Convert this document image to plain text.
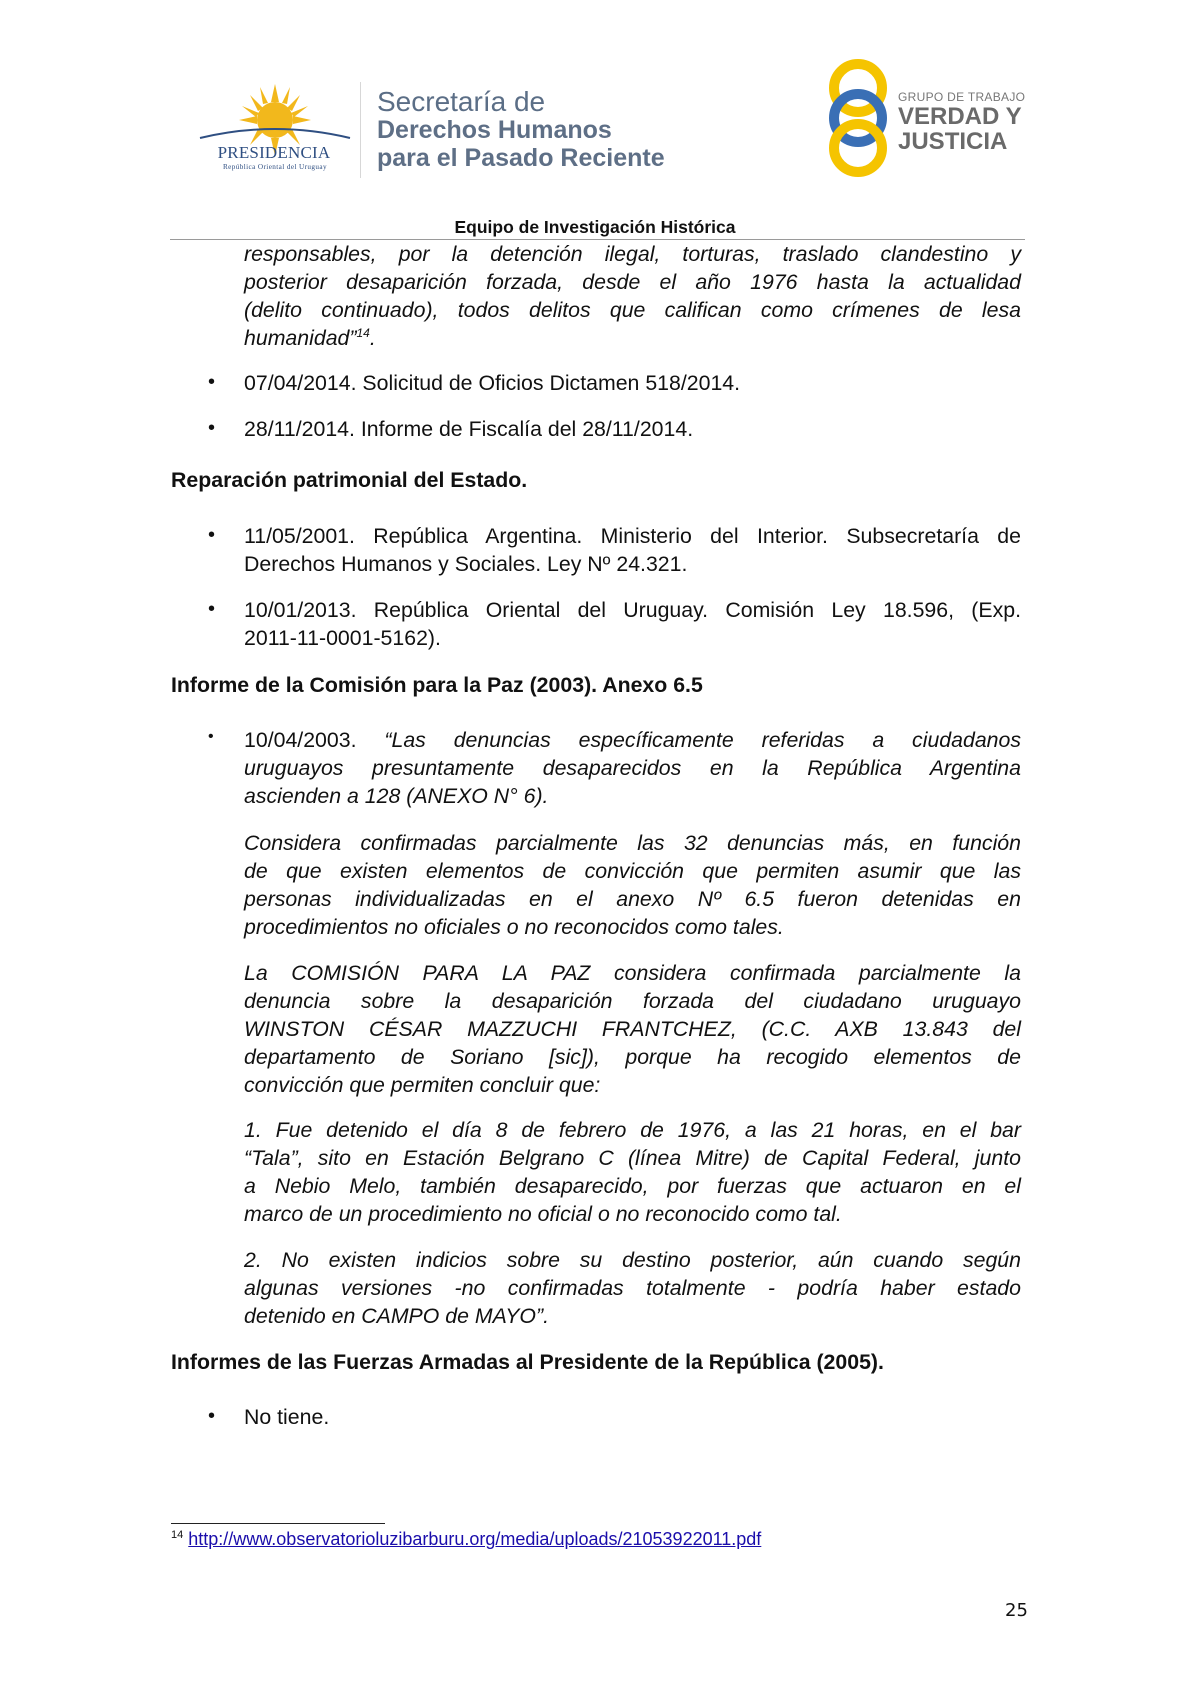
PRESIDENCIA
República Oriental del Uruguay
Secretaría de
Derechos Humanos
para el Pasado Reciente
GRUPO DE TRABAJO
VERDAD Y
JUSTICIA
Equipo de Investigación Histórica
responsables, por la detención ilegal, torturas, traslado clandestino y
posterior desaparición forzada, desde el año 1976 hasta la actualidad
(delito continuado), todos delitos que califican como crímenes de lesa
humanidad”$^{14}$.
• 07/04/2014. Solicitud de Oficios Dictamen 518/2014.
• 28/11/2014. Informe de Fiscalía del 28/11/2014.
Reparación patrimonial del Estado.
• 11/05/2001. República Argentina. Ministerio del Interior. Subsecretaría de
Derechos Humanos y Sociales. Ley Nº 24.321.
• 10/01/2013. República Oriental del Uruguay. Comisión Ley 18.596, (Exp.
2011-11-0001-5162).
Informe de la Comisión para la Paz (2003). Anexo 6.5
• 10/04/2003. “Las denuncias específicamente referidas a ciudadanos
uruguayos presuntamente desaparecidos en la República Argentina
ascienden a 128 (ANEXO N° 6).
Considera confirmadas parcialmente las 32 denuncias más, en función
de que existen elementos de convicción que permiten asumir que las
personas individualizadas en el anexo Nº 6.5 fueron detenidas en
procedimientos no oficiales o no reconocidos como tales.
La COMISIÓN PARA LA PAZ considera confirmada parcialmente la
denuncia sobre la desaparición forzada del ciudadano uruguayo
WINSTON CÉSAR MAZZUCHI FRANTCHEZ, (C.C. AXB 13.843 del
departamento de Soriano [sic]), porque ha recogido elementos de
convicción que permiten concluir que:
1. Fue detenido el día 8 de febrero de 1976, a las 21 horas, en el bar
“Tala”, sito en Estación Belgrano C (línea Mitre) de Capital Federal, junto
a Nebio Melo, también desaparecido, por fuerzas que actuaron en el
marco de un procedimiento no oficial o no reconocido como tal.
2. No existen indicios sobre su destino posterior, aún cuando según
algunas versiones -no confirmadas totalmente - podría haber estado
detenido en CAMPO de MAYO”.
Informes de las Fuerzas Armadas al Presidente de la República (2005).
• No tiene.
$^{14}$ http://www.observatorioluzibarburu.org/media/uploads/21053922011.pdf
25
